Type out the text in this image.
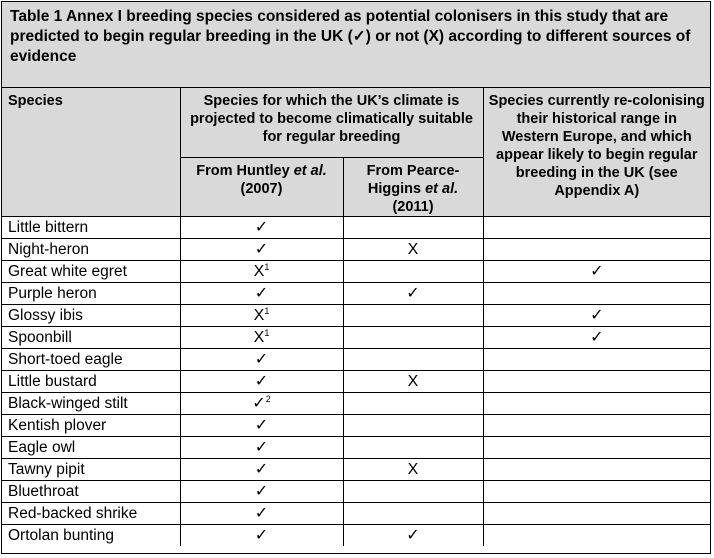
Table 1 Annex I breeding species considered as potential colonisers in this study that are predicted to begin regular breeding in the UK (✓) or not (X) according to different sources of evidence
Species	Species for which the UK’s climate is projected to become climatically suitable for regular breeding		Species currently re-colonising their historical range in Western Europe, and which appear likely to begin regular breeding in the UK (see Appendix A)
	From Huntley et al. (2007)	From Pearce-Higgins et al. (2011)	
Little bittern	✓		
Night-heron	✓	X	
Great white egret	$X^1$		✓
Purple heron	✓	✓	
Glossy ibis	$X^1$		✓
Spoonbill	$X^1$		✓
Short-toed eagle	✓		
Little bustard	✓	X	
Black-winged stilt	✓$^2$		
Kentish plover	✓		
Eagle owl	✓		
Tawny pipit	✓	X	
Bluethroat	✓		
Red-backed shrike	✓		
Ortolan bunting	✓	✓	
